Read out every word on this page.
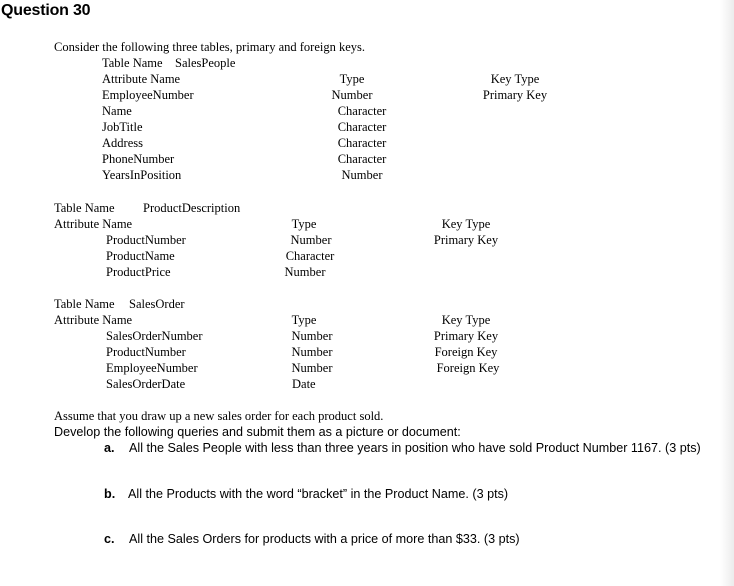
Question 30
Consider the following three tables, primary and foreign keys.
Table Name SalesPeople
Attribute Name	Type	Key Type
EmployeeNumber	Number	Primary Key
Name	Character
JobTitle	Character
Address	Character
PhoneNumber	Character
YearsInPosition	Number
Table Name ProductDescription
Attribute Name	Type	Key Type
ProductNumber	Number	Primary Key
ProductName	Character
ProductPrice	Number
Table Name SalesOrder
Attribute Name	Type	Key Type
SalesOrderNumber	Number	Primary Key
ProductNumber	Number	Foreign Key
EmployeeNumber	Number	Foreign Key
SalesOrderDate	Date
Assume that you draw up a new sales order for each product sold.
Develop the following queries and submit them as a picture or document:
a. All the Sales People with less than three years in position who have sold Product Number 1167. (3 pts)
b. All the Products with the word “bracket” in the Product Name. (3 pts)
c. All the Sales Orders for products with a price of more than $33. (3 pts)
